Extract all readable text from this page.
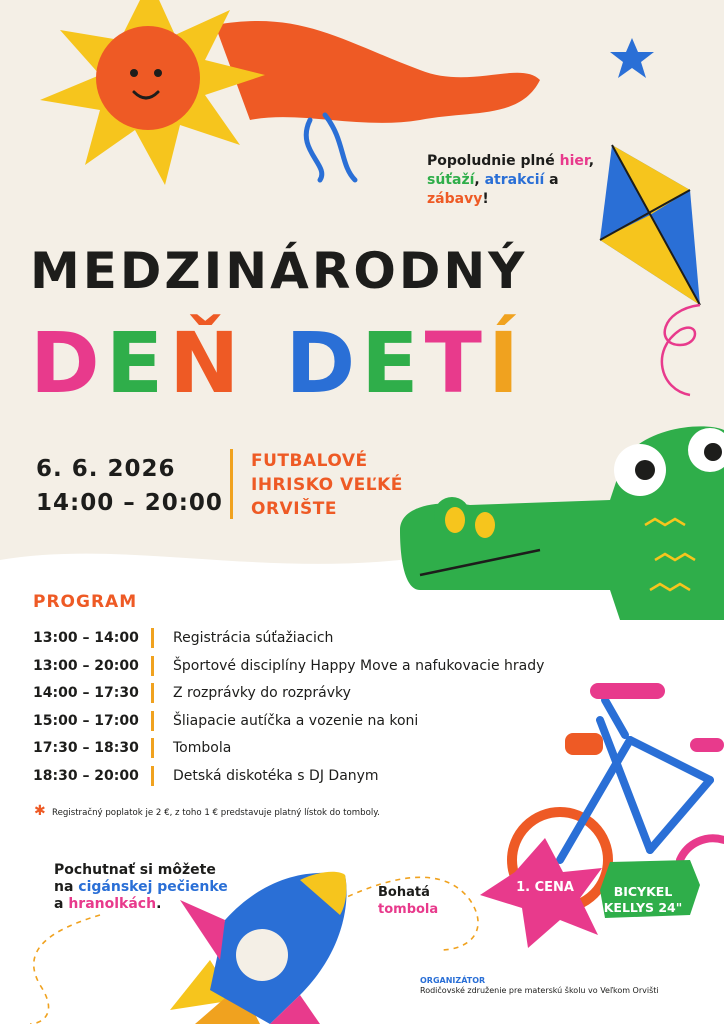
Popoludnie plné hier,
súťaží, atrakcií a
zábavy!
MEDZINÁRODNÝ
DEŇ DETÍ
6. 6. 2026
14:00 – 20:00
FUTBALOVÉ IHRISKO VEĽKÉ ORVIŠTE
PROGRAM
13:00 – 14:00	Registrácia súťažiacich
13:00 – 20:00	Športové disciplíny Happy Move a nafukovacie hrady
14:00 – 17:30	Z rozprávky do rozprávky
15:00 – 17:00	Šliapacie autíčka a vozenie na koni
17:30 – 18:30	Tombola
18:30 – 20:00	Detská diskotéka s DJ Danym
✱ Registračný poplatok je 2 €, z toho 1 € predstavuje platný lístok do tomboly.
Pochutnať si môžete
na cigánskej pečienke
a hranolkách.
Bohatá
tombola
1. CENA	BICYKEL KELLYS 24"
ORGANIZÁTOR
Rodičovské združenie pre materskú školu vo Veľkom Orvišti
